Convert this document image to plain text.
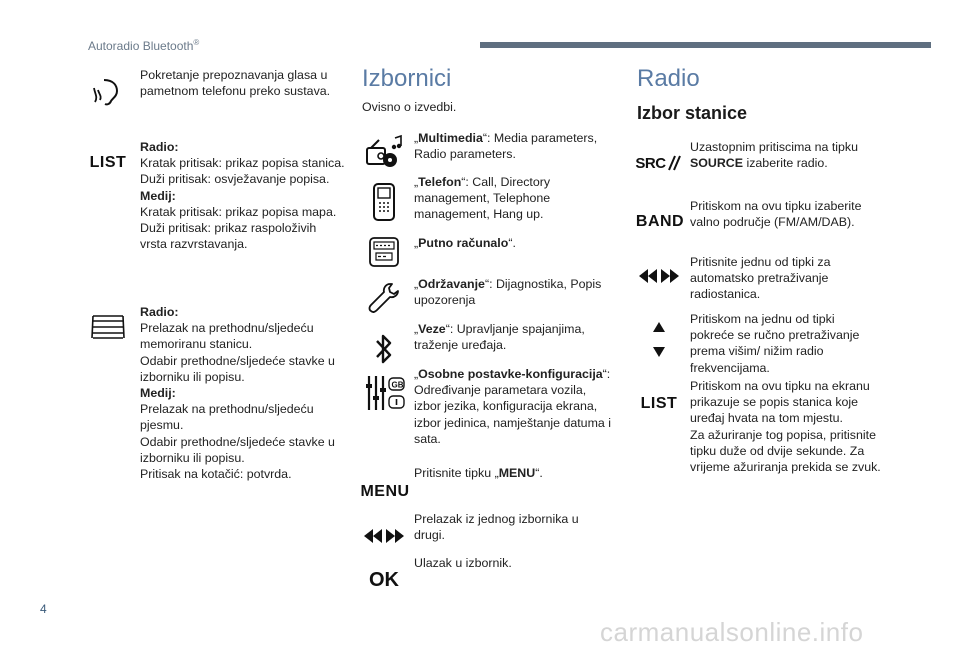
Autoradio Bluetooth®
Pokretanje prepoznavanja glasa u pametnom telefonu preko sustava.
LIST
Radio:
Kratak pritisak: prikaz popisa stanica.
Duži pritisak: osvježavanje popisa.
Medij:
Kratak pritisak: prikaz popisa mapa.
Duži pritisak: prikaz raspoloživih vrsta razvrstavanja.
Radio:
Prelazak na prethodnu/sljedeću memoriranu stanicu.
Odabir prethodne/sljedeće stavke u izborniku ili popisu.
Medij:
Prelazak na prethodnu/sljedeću pjesmu.
Odabir prethodne/sljedeće stavke u izborniku ili popisu.
Pritisak na kotačić: potvrda.
Izbornici
Ovisno o izvedbi.
„Multimedia“: Media parameters, Radio parameters.
„Telefon“: Call, Directory management, Telephone management, Hang up.
„Putno računalo“.
„Održavanje“: Dijagnostika, Popis upozorenja
„Veze“: Upravljanje spajanjima, traženje uređaja.
GB
„Osobne postavke-konfiguracija“: Određivanje parametara vozila, izbor jezika, konfiguracija ekrana, izbor jedinica, namještanje datuma i sata.
MENU
Pritisnite tipku „MENU“.
Prelazak iz jednog izbornika u drugi.
OK
Ulazak u izbornik.
Radio
Izbor stanice
SRC
Uzastopnim pritiscima na tipku SOURCE izaberite radio.
BAND
Pritiskom na ovu tipku izaberite valno područje (FM/AM/DAB).
Pritisnite jednu od tipki za automatsko pretraživanje radiostanica.
Pritiskom na jednu od tipki pokreće se ručno pretraživanje prema višim/ nižim radio frekvencijama.
LIST
Pritiskom na ovu tipku na ekranu prikazuje se popis stanica koje uređaj hvata na tom mjestu.
Za ažuriranje tog popisa, pritisnite tipku duže od dvije sekunde. Za vrijeme ažuriranja prekida se zvuk.
4
carmanualsonline.info
